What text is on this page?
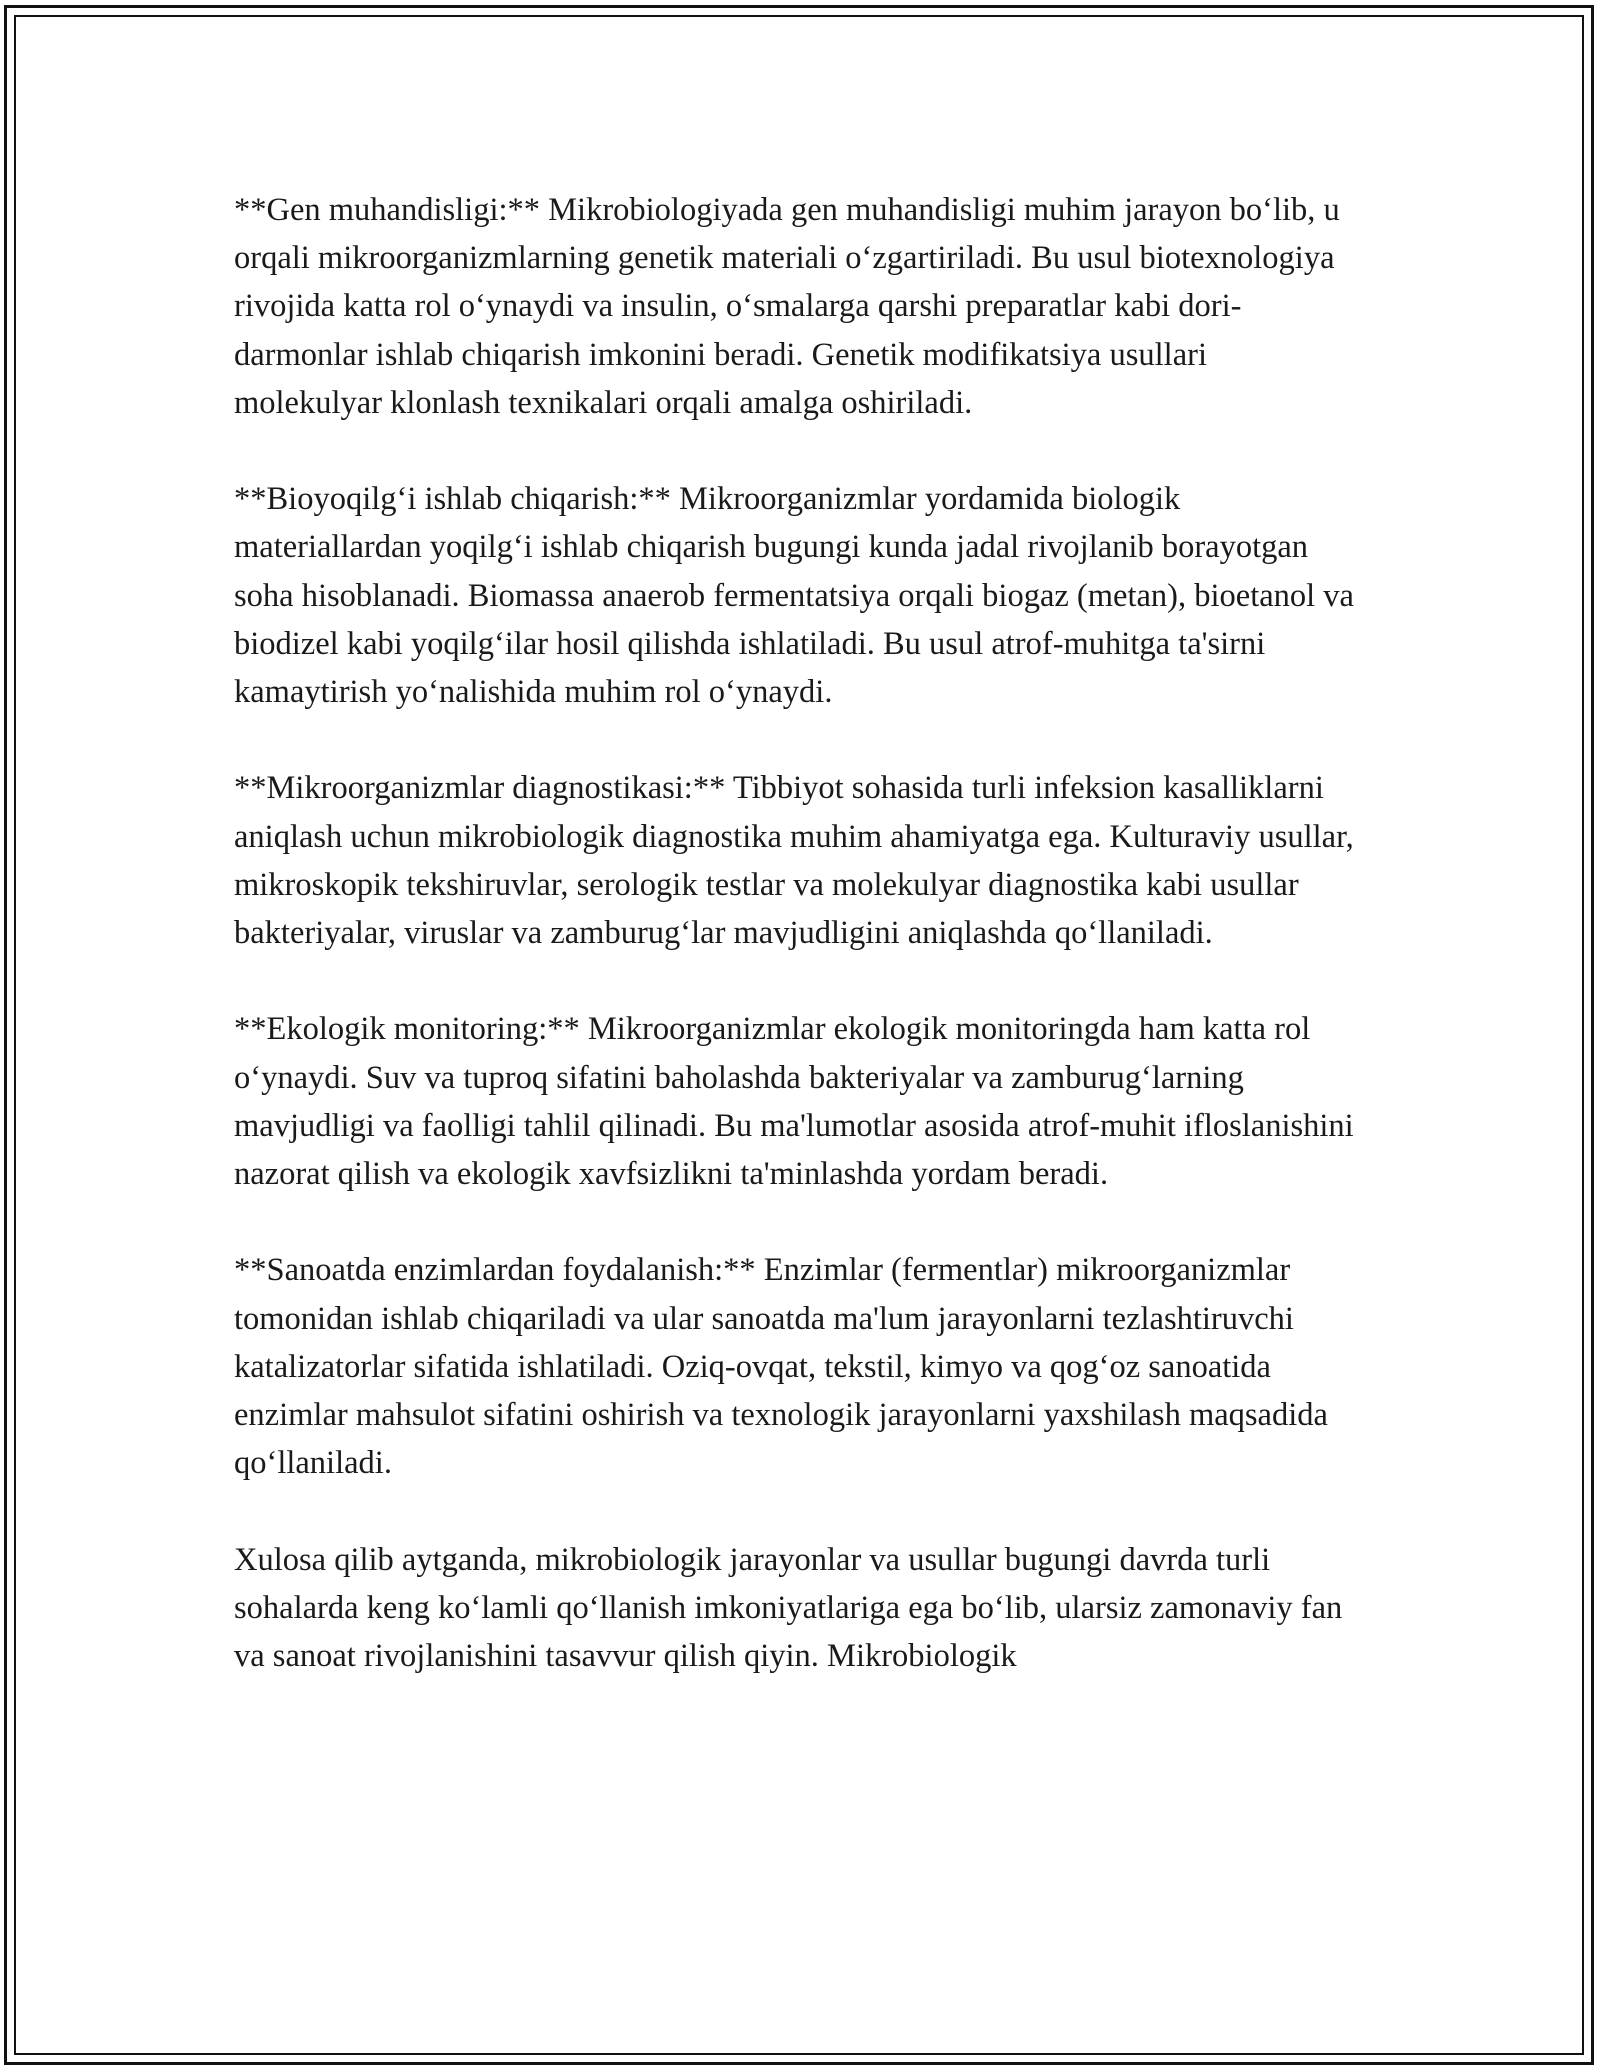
**Gen muhandisligi:** Mikrobiologiyada gen muhandisligi muhim jarayon bo‘lib, u orqali mikroorganizmlarning genetik materiali o‘zgartiriladi. Bu usul biotexnologiya rivojida katta rol o‘ynaydi va insulin, o‘smalarga qarshi preparatlar kabi dori-darmonlar ishlab chiqarish imkonini beradi. Genetik modifikatsiya usullari molekulyar klonlash texnikalari orqali amalga oshiriladi.

**Bioyoqilg‘i ishlab chiqarish:** Mikroorganizmlar yordamida biologik materiallardan yoqilg‘i ishlab chiqarish bugungi kunda jadal rivojlanib borayotgan soha hisoblanadi. Biomassa anaerob fermentatsiya orqali biogaz (metan), bioetanol va biodizel kabi yoqilg‘ilar hosil qilishda ishlatiladi. Bu usul atrof-muhitga ta'sirni kamaytirish yo‘nalishida muhim rol o‘ynaydi.

**Mikroorganizmlar diagnostikasi:** Tibbiyot sohasida turli infeksion kasalliklarni aniqlash uchun mikrobiologik diagnostika muhim ahamiyatga ega. Kulturaviy usullar, mikroskopik tekshiruvlar, serologik testlar va molekulyar diagnostika kabi usullar bakteriyalar, viruslar va zamburug‘lar mavjudligini aniqlashda qo‘llaniladi.

**Ekologik monitoring:** Mikroorganizmlar ekologik monitoringda ham katta rol o‘ynaydi. Suv va tuproq sifatini baholashda bakteriyalar va zamburug‘larning mavjudligi va faolligi tahlil qilinadi. Bu ma'lumotlar asosida atrof-muhit ifloslanishini nazorat qilish va ekologik xavfsizlikni ta'minlashda yordam beradi.

**Sanoatda enzimlardan foydalanish:** Enzimlar (fermentlar) mikroorganizmlar tomonidan ishlab chiqariladi va ular sanoatda ma'lum jarayonlarni tezlashtiruvchi katalizatorlar sifatida ishlatiladi. Oziq-ovqat, tekstil, kimyo va qog‘oz sanoatida enzimlar mahsulot sifatini oshirish va texnologik jarayonlarni yaxshilash maqsadida qo‘llaniladi.

Xulosa qilib aytganda, mikrobiologik jarayonlar va usullar bugungi davrda turli sohalarda keng ko‘lamli qo‘llanish imkoniyatlariga ega bo‘lib, ularsiz zamonaviy fan va sanoat rivojlanishini tasavvur qilish qiyin. Mikrobiologik
